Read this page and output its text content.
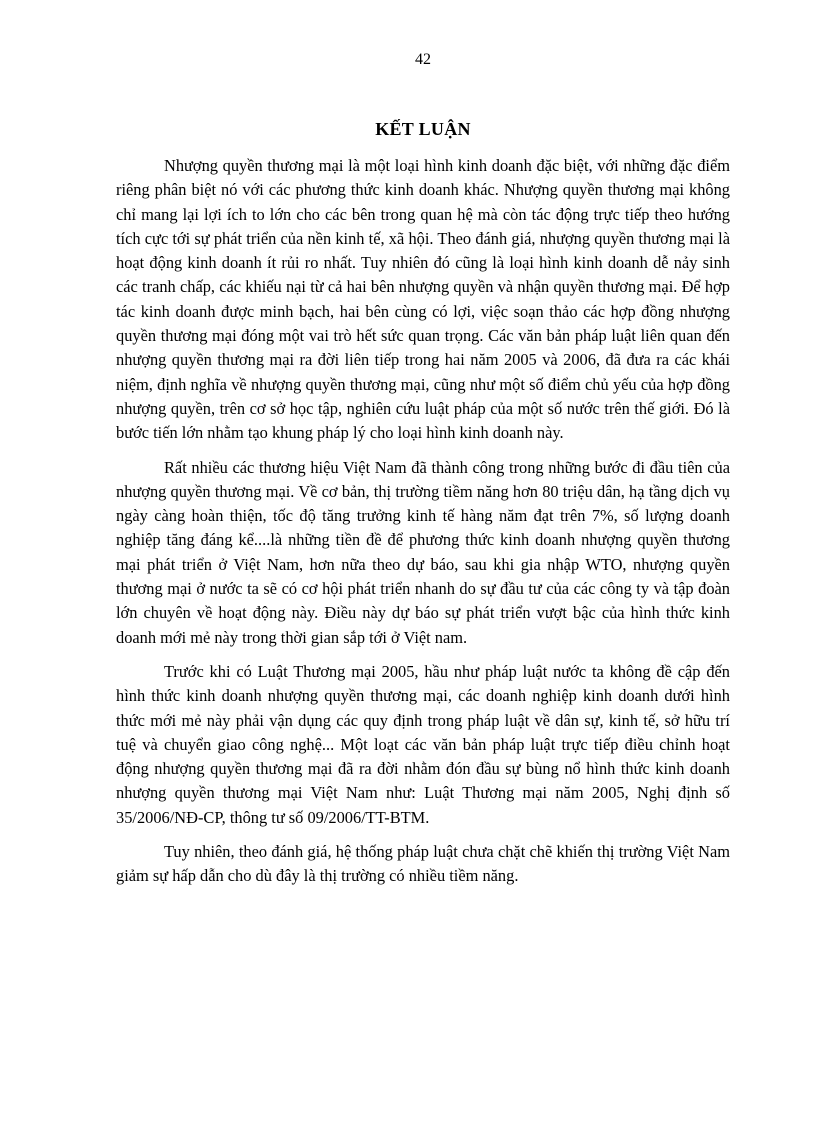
42
KẾT LUẬN

Nhượng quyền thương mại là một loại hình kinh doanh đặc biệt, với những đặc điểm riêng phân biệt nó với các phương thức kinh doanh khác. Nhượng quyền thương mại không chỉ mang lại lợi ích to lớn cho các bên trong quan hệ mà còn tác động trực tiếp theo hướng tích cực tới sự phát triển của nền kinh tế, xã hội. Theo đánh giá, nhượng quyền thương mại là hoạt động kinh doanh ít rủi ro nhất. Tuy nhiên đó cũng là loại hình kinh doanh dễ nảy sinh các tranh chấp, các khiếu nại từ cả hai bên nhượng quyền và nhận quyền thương mại. Để hợp tác kinh doanh được minh bạch, hai bên cùng có lợi, việc soạn thảo các hợp đồng nhượng quyền thương mại đóng một vai trò hết sức quan trọng. Các văn bản pháp luật liên quan đến nhượng quyền thương mại ra đời liên tiếp trong hai năm 2005 và 2006, đã đưa ra các khái niệm, định nghĩa về nhượng quyền thương mại, cũng như một số điểm chủ yếu của hợp đồng nhượng quyền, trên cơ sở học tập, nghiên cứu luật pháp của một số nước trên thế giới. Đó là bước tiến lớn nhằm tạo khung pháp lý cho loại hình kinh doanh này.

Rất nhiều các thương hiệu Việt Nam đã thành công trong những bước đi đầu tiên của nhượng quyền thương mại. Về cơ bản, thị trường tiềm năng hơn 80 triệu dân, hạ tầng dịch vụ ngày càng hoàn thiện, tốc độ tăng trưởng kinh tế hàng năm đạt trên 7%, số lượng doanh nghiệp tăng đáng kể....là những tiền đề để phương thức kinh doanh nhượng quyền thương mại phát triển ở Việt Nam, hơn nữa theo dự báo, sau khi gia nhập WTO, nhượng quyền thương mại ở nước ta sẽ có cơ hội phát triển nhanh do sự đầu tư của các công ty và tập đoàn lớn chuyên về hoạt động này. Điều này dự báo sự phát triển vượt bậc của hình thức kinh doanh mới mẻ này trong thời gian sắp tới ở Việt nam.

Trước khi có Luật Thương mại 2005, hầu như pháp luật nước ta không đề cập đến hình thức kinh doanh nhượng quyền thương mại, các doanh nghiệp kinh doanh dưới hình thức mới mẻ này phải vận dụng các quy định trong pháp luật về dân sự, kinh tế, sở hữu trí tuệ và chuyển giao công nghệ... Một loạt các văn bản pháp luật trực tiếp điều chỉnh hoạt động nhượng quyền thương mại đã ra đời nhằm đón đầu sự bùng nổ hình thức kinh doanh nhượng quyền thương mại Việt Nam như: Luật Thương mại năm 2005, Nghị định số 35/2006/NĐ-CP, thông tư số 09/2006/TT-BTM.

Tuy nhiên, theo đánh giá, hệ thống pháp luật chưa chặt chẽ khiến thị trường Việt Nam giảm sự hấp dẫn cho dù đây là thị trường có nhiều tiềm năng.
